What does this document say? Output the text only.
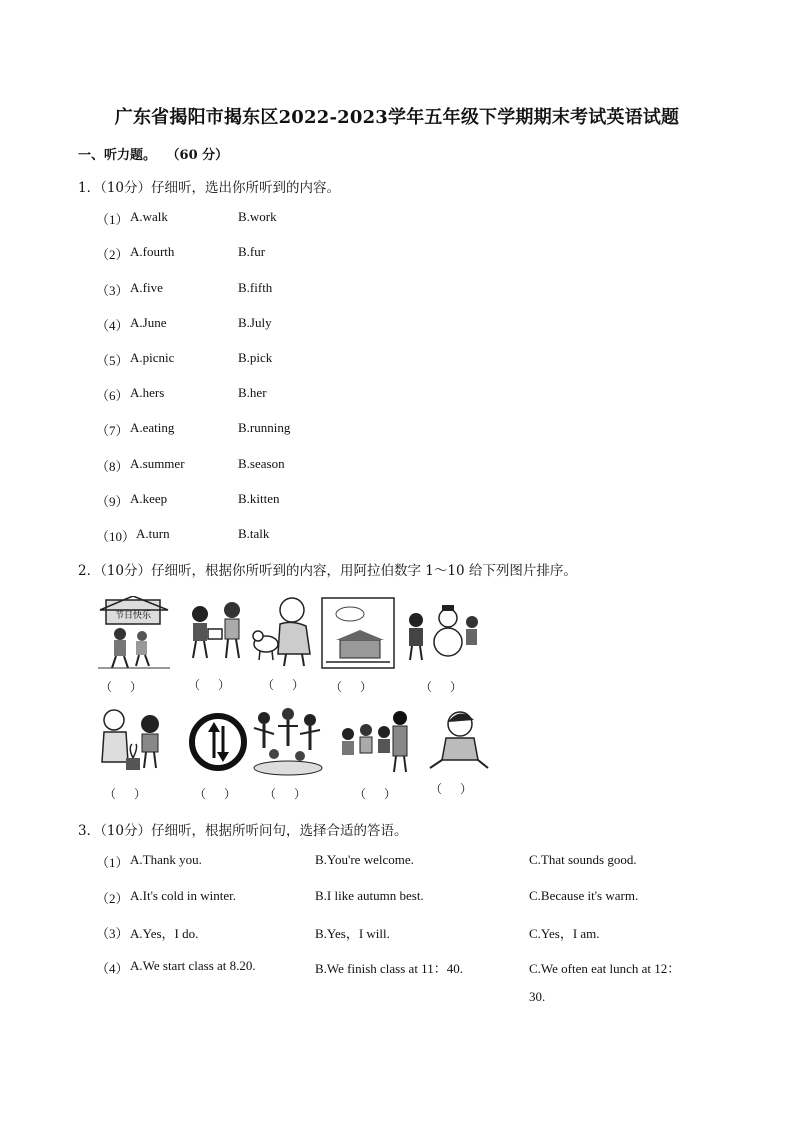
广东省揭阳市揭东区2022-2023学年五年级下学期期末考试英语试题
一、听力题。 （60 分）
1．（10分）仔细听，选出你所听到的内容。
（1） A.walk	B.work
（2） A.fourth	B.fur
（3） A.five	B.fifth
（4） A.June	B.July
（5） A.picnic	B.pick
（6） A.hers	B.her
（7） A.eating	B.running
（8） A.summer	B.season
（9） A.keep	B.kitten
（10） A.turn	B.talk
2．（10分）仔细听，根据你所听到的内容，用阿拉伯数字 1～10 给下列图片排序。
节日快乐
（      ）	（      ）	（      ） （      ）	（      ）
（      ）	（      ） （      ）	（      ）	（      ）
3．（10分）仔细听，根据所听问句，选择合适的答语。
（1） A.Thank you.	B.You're welcome.	C.That sounds good.
（2） A.It's cold in winter.	B.I like autumn best.	C.Because it's warm.
（3） A.Yes，I do.	B.Yes，I will.	C.Yes，I am.
（4） A.We start class at 8.20.	B.We finish class at 11：40.	C.We often eat lunch at 12：
30.
